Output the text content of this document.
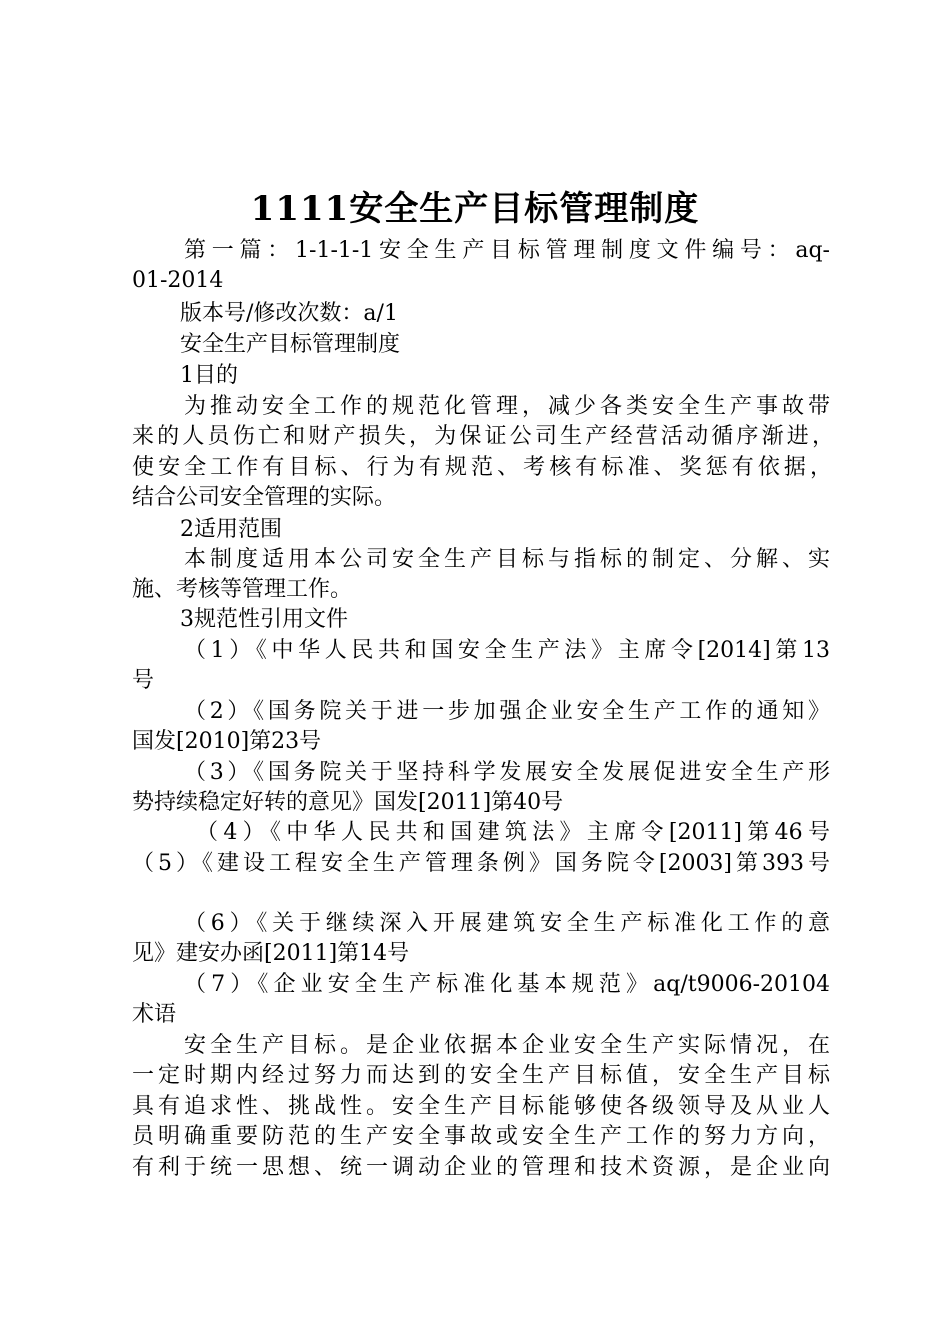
1111安全生产目标管理制度
第一篇：1-1-1-1安全生产目标管理制度文件编号：aq-
01-2014
版本号/修改次数：a/1
安全生产目标管理制度
1目的
为推动安全工作的规范化管理，减少各类安全生产事故带
来的人员伤亡和财产损失，为保证公司生产经营活动循序渐进，
使安全工作有目标、行为有规范、考核有标准、奖惩有依据，
结合公司安全管理的实际。
2适用范围
本制度适用本公司安全生产目标与指标的制定、分解、实
施、考核等管理工作。
3规范性引用文件
（1）《中华人民共和国安全生产法》主席令[2014]第13
号
（2）《国务院关于进一步加强企业安全生产工作的通知》
国发[2010]第23号
（3）《国务院关于坚持科学发展安全发展促进安全生产形
势持续稳定好转的意见》国发[2011]第40号
（4）《中华人民共和国建筑法》主席令[2011]第46号
（5）《建设工程安全生产管理条例》国务院令[2003]第393号
（6）《关于继续深入开展建筑安全生产标准化工作的意
见》建安办函[2011]第14号
（7）《企业安全生产标准化基本规范》aq/t9006-20104
术语
安全生产目标。是企业依据本企业安全生产实际情况，在
一定时期内经过努力而达到的安全生产目标值，安全生产目标
具有追求性、挑战性。安全生产目标能够使各级领导及从业人
员明确重要防范的生产安全事故或安全生产工作的努力方向，
有利于统一思想、统一调动企业的管理和技术资源，是企业向
